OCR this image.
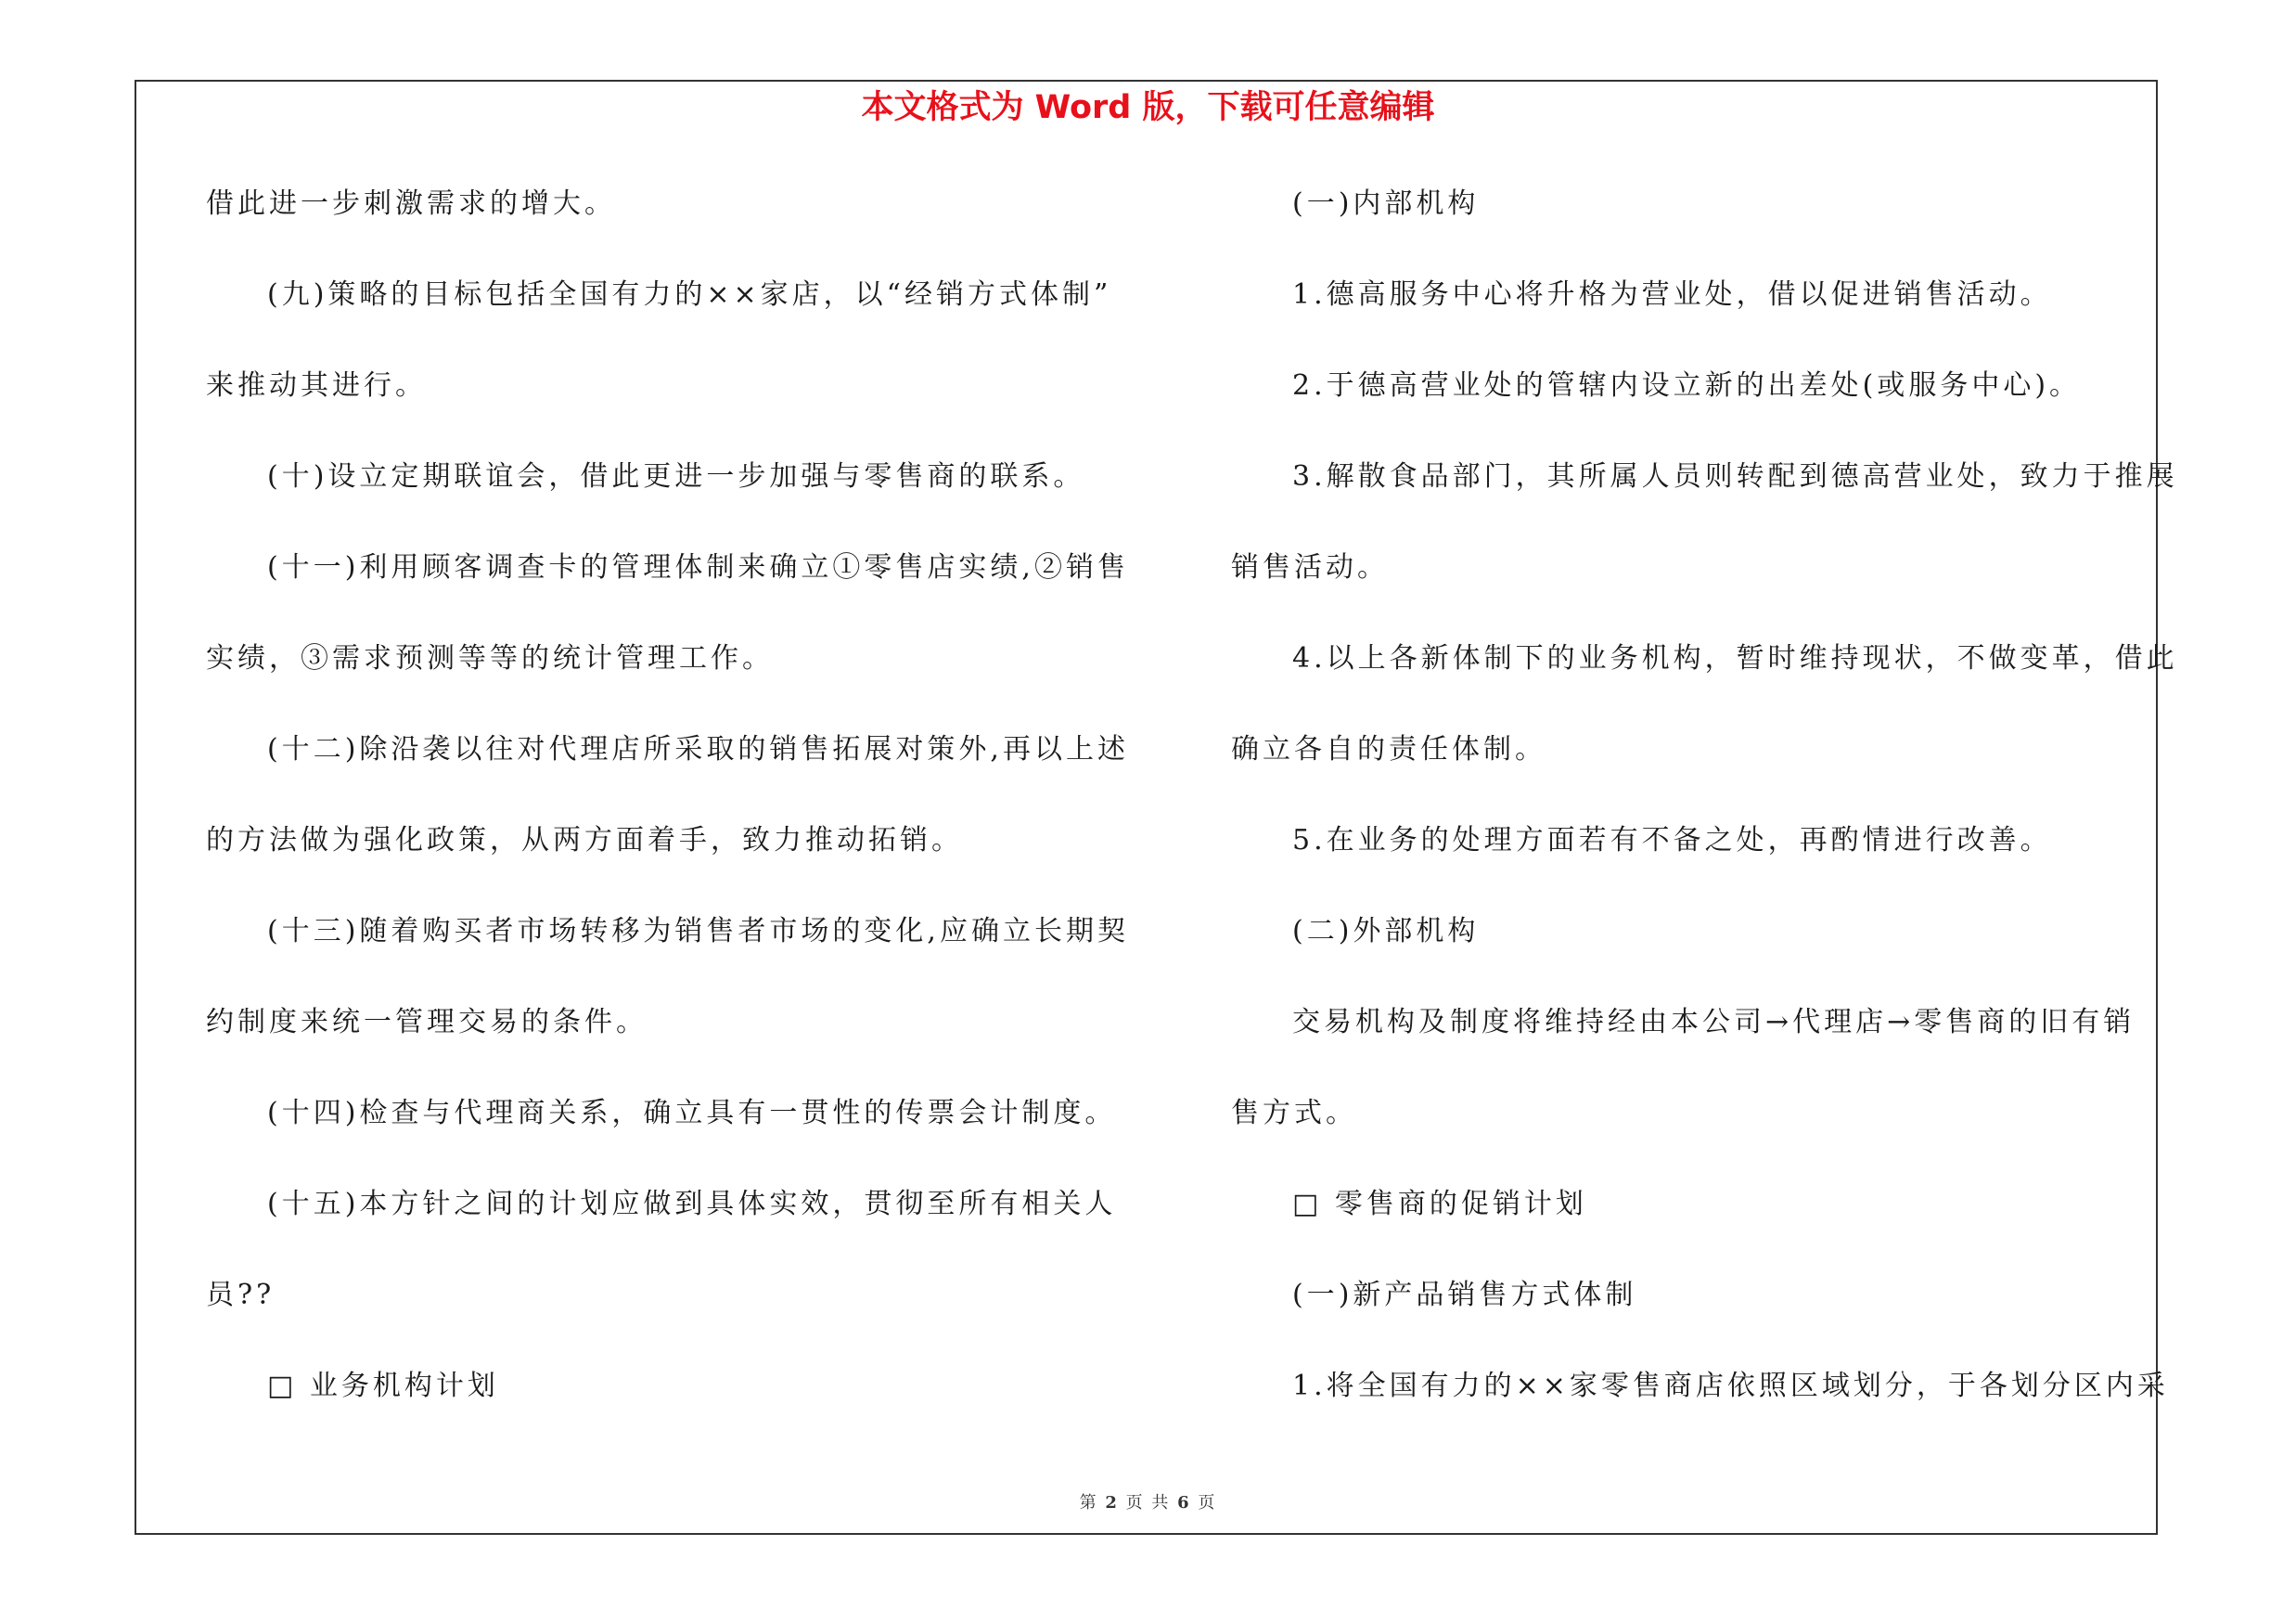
本文格式为 Word 版，下载可任意编辑
借此进一步刺激需求的增大。
(九)策略的目标包括全国有力的××家店，以“经销方式体制”
来推动其进行。
(十)设立定期联谊会，借此更进一步加强与零售商的联系。
(十一)利用顾客调查卡的管理体制来确立①零售店实绩,②销售
实绩，③需求预测等等的统计管理工作。
(十二)除沿袭以往对代理店所采取的销售拓展对策外,再以上述
的方法做为强化政策，从两方面着手，致力推动拓销。
(十三)随着购买者市场转移为销售者市场的变化,应确立长期契
约制度来统一管理交易的条件。
(十四)检查与代理商关系，确立具有一贯性的传票会计制度。
(十五)本方针之间的计划应做到具体实效，贯彻至所有相关人
员??
□ 业务机构计划
(一)内部机构
1.德高服务中心将升格为营业处，借以促进销售活动。
2.于德高营业处的管辖内设立新的出差处(或服务中心)。
3.解散食品部门，其所属人员则转配到德高营业处，致力于推展
销售活动。
4.以上各新体制下的业务机构，暂时维持现状，不做变革，借此
确立各自的责任体制。
5.在业务的处理方面若有不备之处，再酌情进行改善。
(二)外部机构
交易机构及制度将维持经由本公司→代理店→零售商的旧有销
售方式。
□ 零售商的促销计划
(一)新产品销售方式体制
1.将全国有力的××家零售商店依照区域划分，于各划分区内采
第 2 页 共 6 页
